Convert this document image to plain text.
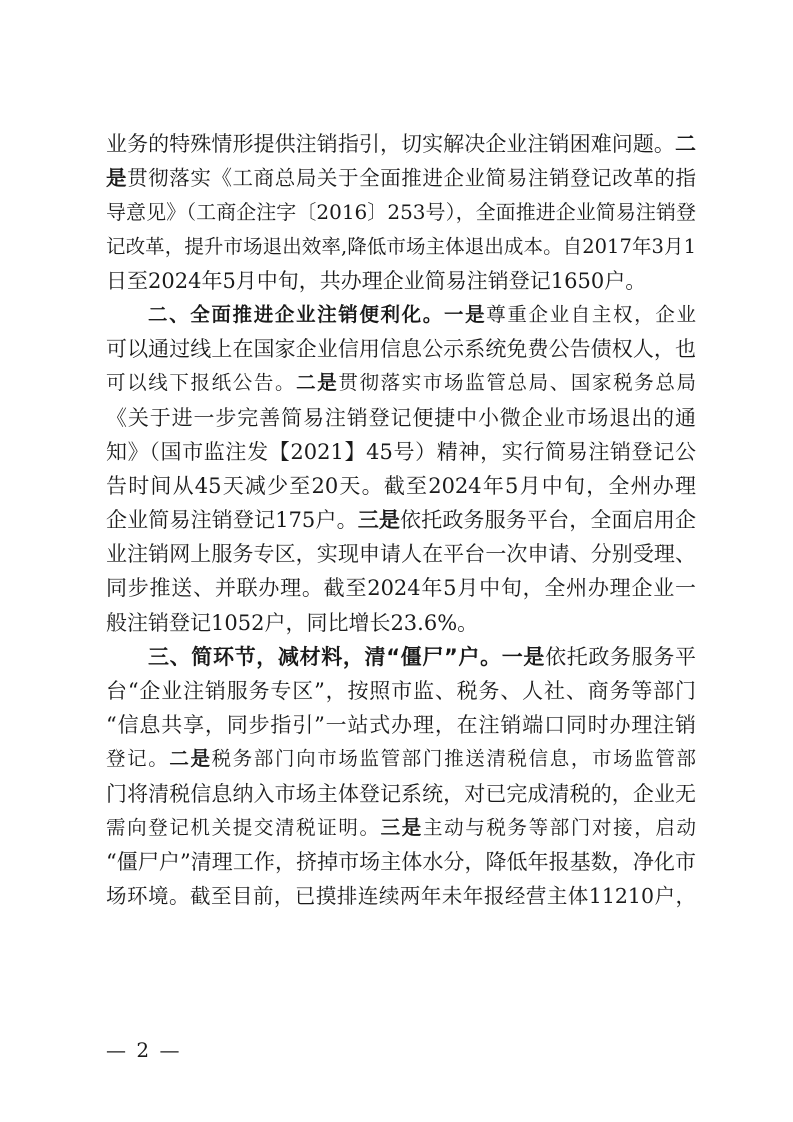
业务的特殊情形提供注销指引，切实解决企业注销困难问题。二
是贯彻落实《工商总局关于全面推进企业简易注销登记改革的指
导意见》（工商企注字〔2016〕253号），全面推进企业简易注销登
记改革，提升市场退出效率,降低市场主体退出成本。自2017年3月1
日至2024年5月中旬，共办理企业简易注销登记1650户。
二、全面推进企业注销便利化。一是尊重企业自主权，企业
可以通过线上在国家企业信用信息公示系统免费公告债权人，也
可以线下报纸公告。二是贯彻落实市场监管总局、国家税务总局
《关于进一步完善简易注销登记便捷中小微企业市场退出的通
知》（国市监注发【2021】45号）精神，实行简易注销登记公
告时间从45天减少至20天。截至2024年5月中旬，全州办理
企业简易注销登记175户。三是依托政务服务平台，全面启用企
业注销网上服务专区，实现申请人在平台一次申请、分别受理、
同步推送、并联办理。截至2024年5月中旬，全州办理企业一
般注销登记1052户，同比增长23.6%。
三、简环节，减材料，清“僵尸”户。一是依托政务服务平
台“企业注销服务专区”，按照市监、税务、人社、商务等部门
“信息共享，同步指引”一站式办理，在注销端口同时办理注销
登记。二是税务部门向市场监管部门推送清税信息，市场监管部
门将清税信息纳入市场主体登记系统，对已完成清税的，企业无
需向登记机关提交清税证明。三是主动与税务等部门对接，启动
“僵尸户”清理工作，挤掉市场主体水分，降低年报基数，净化市
场环境。截至目前，已摸排连续两年未年报经营主体11210户，
— 2 —
